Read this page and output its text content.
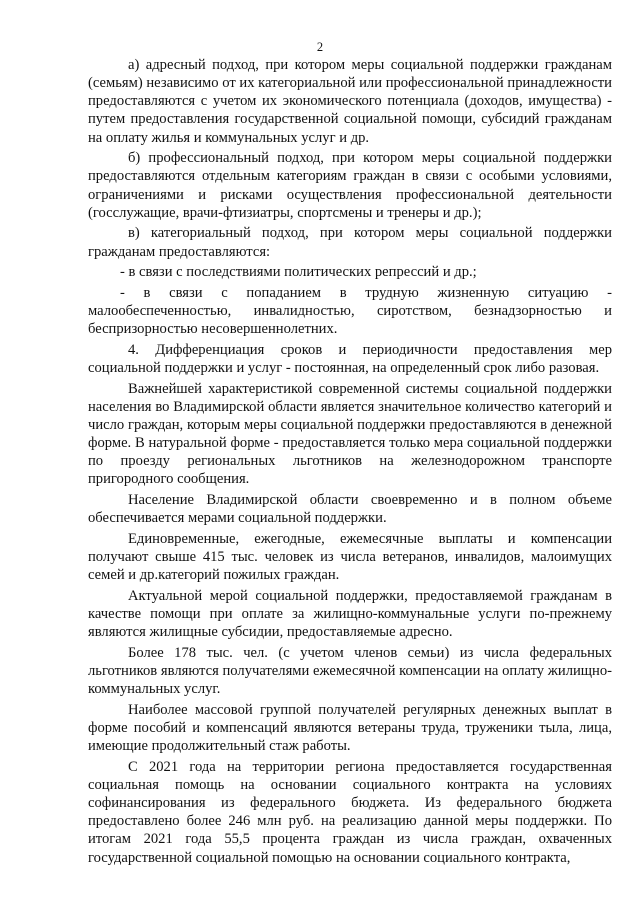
2

а) адресный подход, при котором меры социальной поддержки гражданам (семьям) независимо от их категориальной или профессиональной принадлежности предоставляются с учетом их экономического потенциала (доходов, имущества) - путем предоставления государственной социальной помощи, субсидий гражданам на оплату жилья и коммунальных услуг и др.

б) профессиональный подход, при котором меры социальной поддержки предоставляются отдельным категориям граждан в связи с особыми условиями, ограничениями и рисками осуществления профессиональной деятельности (госслужащие, врачи-фтизиатры, спортсмены и тренеры и др.);

в) категориальный подход, при котором меры социальной поддержки гражданам предоставляются:

- в связи с последствиями политических репрессий и др.;

- в связи с попаданием в трудную жизненную ситуацию - малообеспеченностью, инвалидностью, сиротством, безнадзорностью и беспризорностью несовершеннолетних.

4. Дифференциация сроков и периодичности предоставления мер социальной поддержки и услуг - постоянная, на определенный срок либо разовая.

Важнейшей характеристикой современной системы социальной поддержки населения во Владимирской области является значительное количество категорий и число граждан, которым меры социальной поддержки предоставляются в денежной форме. В натуральной форме - предоставляется только мера социальной поддержки по проезду региональных льготников на железнодорожном транспорте пригородного сообщения.

Население Владимирской области своевременно и в полном объеме обеспечивается мерами социальной поддержки.

Единовременные, ежегодные, ежемесячные выплаты и компенсации получают свыше 415 тыс. человек из числа ветеранов, инвалидов, малоимущих семей и др.категорий пожилых граждан.

Актуальной мерой социальной поддержки, предоставляемой гражданам в качестве помощи при оплате за жилищно-коммунальные услуги по-прежнему являются жилищные субсидии, предоставляемые адресно.

Более 178 тыс. чел. (с учетом членов семьи) из числа федеральных льготников являются получателями ежемесячной компенсации на оплату жилищно-коммунальных услуг.

Наиболее массовой группой получателей регулярных денежных выплат в форме пособий и компенсаций являются ветераны труда, труженики тыла, лица, имеющие продолжительный стаж работы.

С 2021 года на территории региона предоставляется государственная социальная помощь на основании социального контракта на условиях софинансирования из федерального бюджета. Из федерального бюджета предоставлено более 246 млн руб. на реализацию данной меры поддержки. По итогам 2021 года 55,5 процента граждан из числа граждан, охваченных государственной социальной помощью на основании социального контракта,
